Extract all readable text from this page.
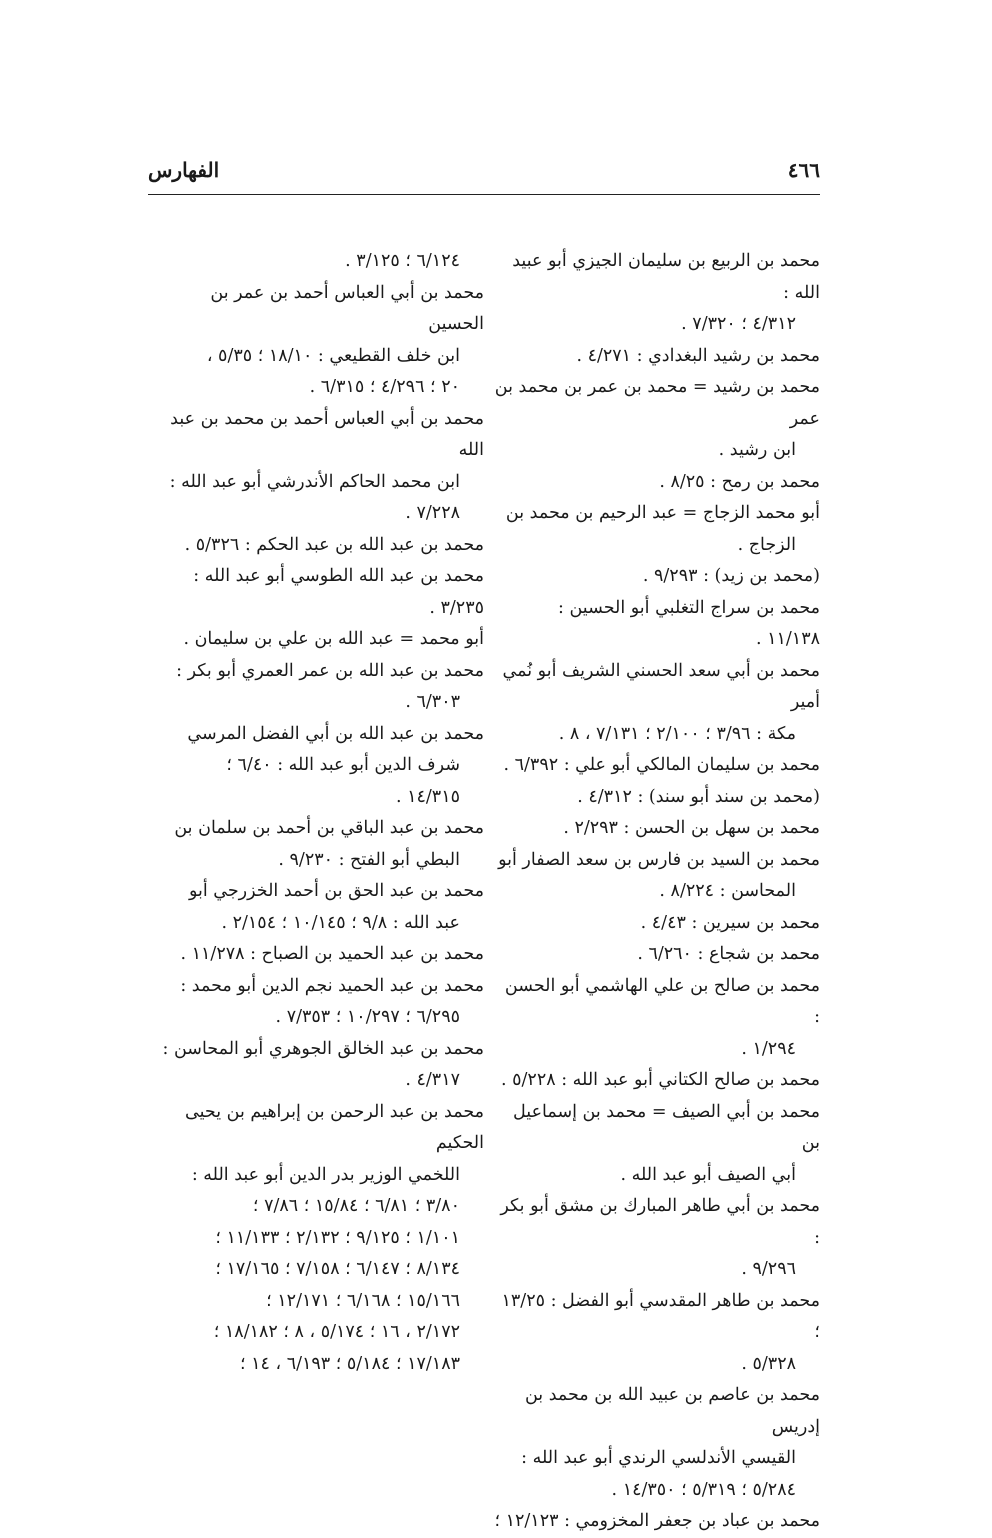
٤٦٦
الفهارس
محمد بن الربيع بن سليمان الجيزي أبو عبيد الله :
٤/٣١٢ ؛ ٧/٣٢٠ .
محمد بن رشيد البغدادي : ٤/٢٧١ .
محمد بن رشيد = محمد بن عمر بن محمد بن عمر
ابن رشيد .
محمد بن رمح : ٨/٢٥ .
أبو محمد الزجاج = عبد الرحيم بن محمد بن
الزجاج .
(محمد بن زيد) : ٩/٢٩٣ .
محمد بن سراج التغلبي أبو الحسين : ١١/١٣٨ .
محمد بن أبي سعد الحسني الشريف أبو نُمي أمير
مكة : ٣/٩٦ ؛ ٢/١٠٠ ؛ ٧/١٣١ ، ٨ .
محمد بن سليمان المالكي أبو علي : ٦/٣٩٢ .
(محمد بن سند أبو سند) : ٤/٣١٢ .
محمد بن سهل بن الحسن : ٢/٢٩٣ .
محمد بن السيد بن فارس بن سعد الصفار أبو
المحاسن : ٨/٢٢٤ .
محمد بن سيرين : ٤/٤٣ .
محمد بن شجاع : ٦/٢٦٠ .
محمد بن صالح بن علي الهاشمي أبو الحسن :
١/٢٩٤ .
محمد بن صالح الكتاني أبو عبد الله : ٥/٢٢٨ .
محمد بن أبي الصيف = محمد بن إسماعيل بن
أبي الصيف أبو عبد الله .
محمد بن أبي طاهر المبارك بن مشق أبو بكر :
٩/٢٩٦ .
محمد بن طاهر المقدسي أبو الفضل : ١٣/٢٥ ؛
٥/٣٢٨ .
محمد بن عاصم بن عبيد الله بن محمد بن إدريس
القيسي الأندلسي الرندي أبو عبد الله :
٥/٢٨٤ ؛ ٥/٣١٩ ؛ ١٤/٣٥٠ .
محمد بن عباد بن جعفر المخزومي : ١٢/١٢٣ ؛
٦/١٢٤ ؛ ٣/١٢٥ .
محمد بن أبي العباس أحمد بن عمر بن الحسين
ابن خلف القطيعي : ١٨/١٠ ؛ ٥/٣٥ ،
٢٠ ؛ ٤/٢٩٦ ؛ ٦/٣١٥ .
محمد بن أبي العباس أحمد بن محمد بن عبد الله
ابن محمد الحاكم الأندرشي أبو عبد الله :
٧/٢٢٨ .
محمد بن عبد الله بن عبد الحكم : ٥/٣٢٦ .
محمد بن عبد الله الطوسي أبو عبد الله : ٣/٢٣٥ .
أبو محمد = عبد الله بن علي بن سليمان .
محمد بن عبد الله بن عمر العمري أبو بكر :
٦/٣٠٣ .
محمد بن عبد الله بن أبي الفضل المرسي
شرف الدين أبو عبد الله : ٦/٤٠ ؛
١٤/٣١٥ .
محمد بن عبد الباقي بن أحمد بن سلمان بن
البطي أبو الفتح : ٩/٢٣٠ .
محمد بن عبد الحق بن أحمد الخزرجي أبو
عبد الله : ٩/٨ ؛ ١٠/١٤٥ ؛ ٢/١٥٤ .
محمد بن عبد الحميد بن الصباح : ١١/٢٧٨ .
محمد بن عبد الحميد نجم الدين أبو محمد :
٦/٢٩٥ ؛ ١٠/٢٩٧ ؛ ٧/٣٥٣ .
محمد بن عبد الخالق الجوهري أبو المحاسن :
٤/٣١٧ .
محمد بن عبد الرحمن بن إبراهيم بن يحيى الحكيم
اللخمي الوزير بدر الدين أبو عبد الله :
٣/٨٠ ؛ ٦/٨١ ؛ ١٥/٨٤ ؛ ٧/٨٦ ؛
١/١٠١ ؛ ٩/١٢٥ ؛ ٢/١٣٢ ؛ ١١/١٣٣ ؛
٨/١٣٤ ؛ ٦/١٤٧ ؛ ٧/١٥٨ ؛ ١٧/١٦٥ ؛
١٥/١٦٦ ؛ ٦/١٦٨ ؛ ١٢/١٧١ ؛
٢/١٧٢ ، ١٦ ؛ ٥/١٧٤ ، ٨ ؛ ١٨/١٨٢ ؛
١٧/١٨٣ ؛ ٥/١٨٤ ؛ ٦/١٩٣ ، ١٤ ؛
